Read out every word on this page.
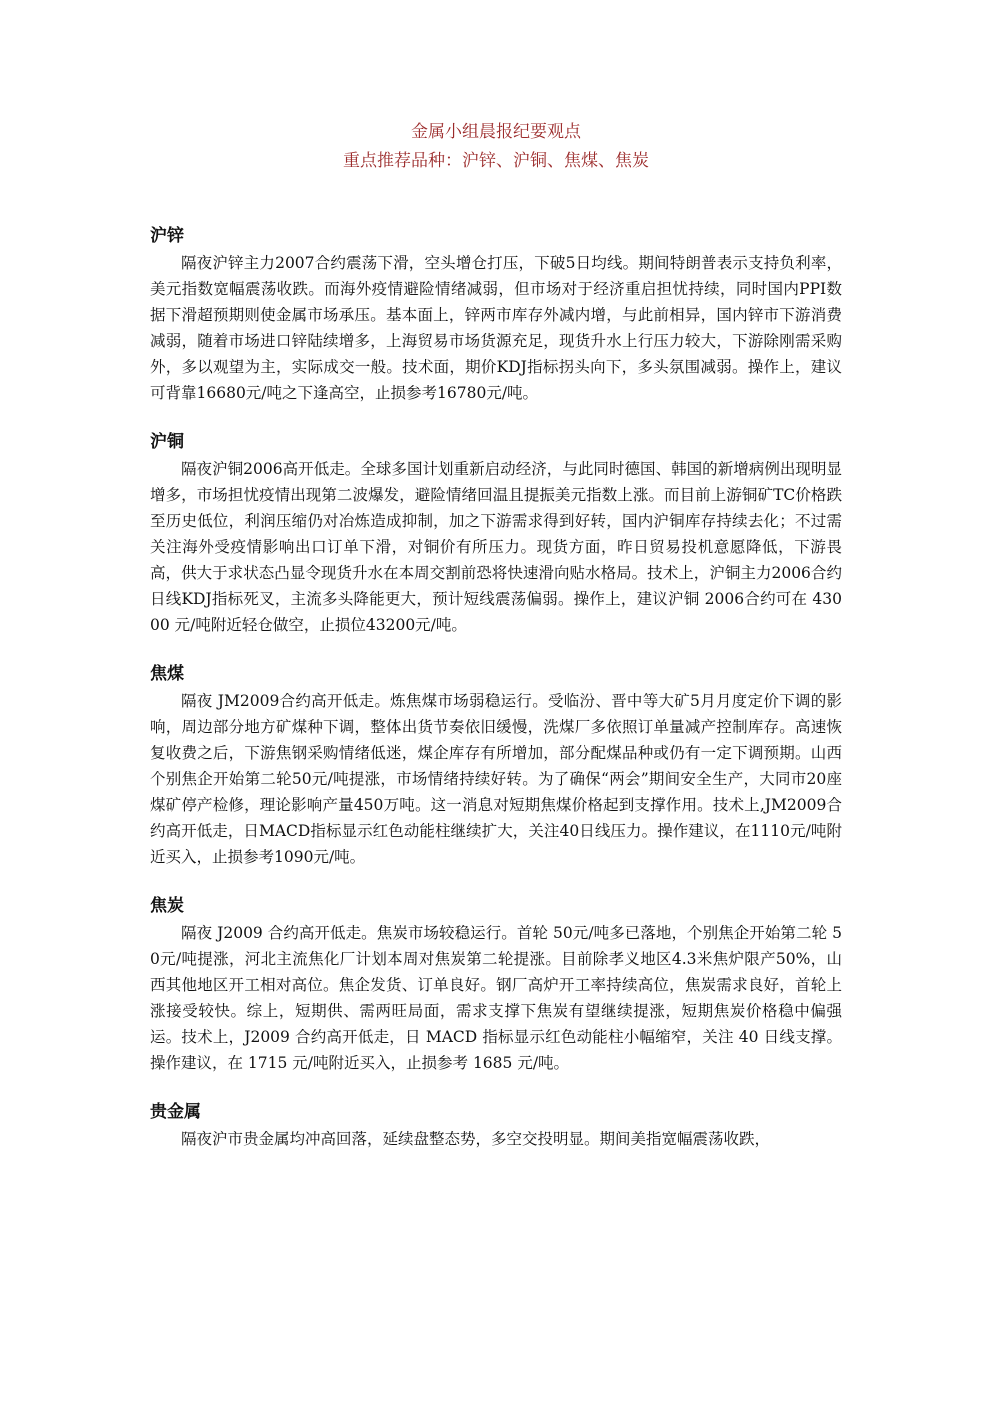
金属小组晨报纪要观点
重点推荐品种：沪锌、沪铜、焦煤、焦炭
沪锌

隔夜沪锌主力2007合约震荡下滑，空头增仓打压，下破5日均线。期间特朗普表示支持负利率，美元指数宽幅震荡收跌。而海外疫情避险情绪减弱，但市场对于经济重启担忧持续，同时国内PPI数据下滑超预期则使金属市场承压。基本面上，锌两市库存外减内增，与此前相异，国内锌市下游消费减弱，随着市场进口锌陆续增多，上海贸易市场货源充足，现货升水上行压力较大，下游除刚需采购外，多以观望为主，实际成交一般。技术面，期价KDJ指标拐头向下，多头氛围减弱。操作上，建议可背靠16680元/吨之下逢高空，止损参考16780元/吨。

沪铜

隔夜沪铜2006高开低走。全球多国计划重新启动经济，与此同时德国、韩国的新增病例出现明显增多，市场担忧疫情出现第二波爆发，避险情绪回温且提振美元指数上涨。而目前上游铜矿TC价格跌至历史低位，利润压缩仍对冶炼造成抑制，加之下游需求得到好转，国内沪铜库存持续去化；不过需关注海外受疫情影响出口订单下滑，对铜价有所压力。现货方面，昨日贸易投机意愿降低，下游畏高，供大于求状态凸显令现货升水在本周交割前恐将快速滑向贴水格局。技术上，沪铜主力2006合约日线KDJ指标死叉，主流多头降能更大，预计短线震荡偏弱。操作上，建议沪铜 2006合约可在 43000 元/吨附近轻仓做空，止损位43200元/吨。

焦煤

隔夜 JM2009合约高开低走。炼焦煤市场弱稳运行。受临汾、晋中等大矿5月月度定价下调的影响，周边部分地方矿煤种下调，整体出货节奏依旧缓慢，洗煤厂多依照订单量减产控制库存。高速恢复收费之后，下游焦钢采购情绪低迷，煤企库存有所增加，部分配煤品种或仍有一定下调预期。山西个别焦企开始第二轮50元/吨提涨，市场情绪持续好转。为了确保“两会”期间安全生产，大同市20座煤矿停产检修，理论影响产量450万吨。这一消息对短期焦煤价格起到支撑作用。技术上,JM2009合约高开低走，日MACD指标显示红色动能柱继续扩大，关注40日线压力。操作建议，在1110元/吨附近买入，止损参考1090元/吨。

焦炭

隔夜 J2009 合约高开低走。焦炭市场较稳运行。首轮 50元/吨多已落地，个别焦企开始第二轮 50元/吨提涨，河北主流焦化厂计划本周对焦炭第二轮提涨。目前除孝义地区4.3米焦炉限产50%，山西其他地区开工相对高位。焦企发货、订单良好。钢厂高炉开工率持续高位，焦炭需求良好，首轮上涨接受较快。综上，短期供、需两旺局面，需求支撑下焦炭有望继续提涨，短期焦炭价格稳中偏强运。技术上，J2009 合约高开低走，日 MACD 指标显示红色动能柱小幅缩窄，关注 40 日线支撑。操作建议，在 1715 元/吨附近买入，止损参考 1685 元/吨。

贵金属

隔夜沪市贵金属均冲高回落，延续盘整态势，多空交投明显。期间美指宽幅震荡收跌，
